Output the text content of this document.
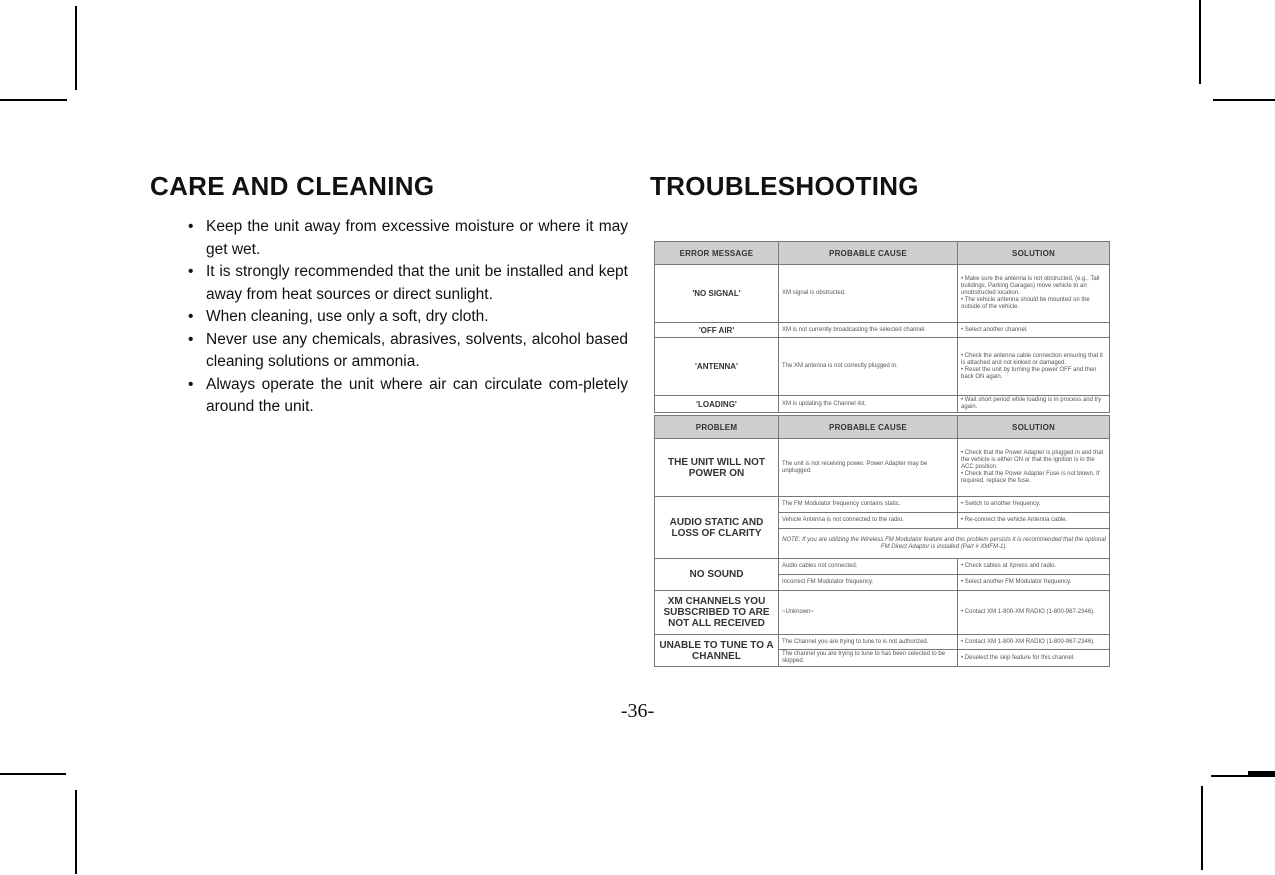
CARE AND CLEANING
• Keep the unit away from excessive moisture or where it may get wet.
• It is strongly recommended that the unit be installed and kept away from heat sources or direct sunlight.
• When cleaning, use only a soft, dry cloth.
• Never use any chemicals, abrasives, solvents, alcohol based cleaning solutions or ammonia.
• Always operate the unit where air can circulate com-pletely around the unit.
TROUBLESHOOTING
ERROR MESSAGE	PROBABLE CAUSE	SOLUTION
'NO SIGNAL'	XM signal is obstructed.	• Make sure the antenna is not obstructed, (e.g., Tall buildings, Parking Garages) move vehicle to an unobstructed location.
• The vehicle antenna should be mounted on the outside of the vehicle.

'OFF AIR'	XM is not currently broadcasting the selected channel.	• Select another channel.

'ANTENNA'	The XM antenna is not correctly plugged in.	• Check the antenna cable connection ensuring that it is attached and not kinked or damaged.
• Reset the unit by turning the power OFF and then back ON again.

'LOADING'	XM is updating the Channel list.	• Wait short period while loading is in process and try again.
PROBLEM	PROBABLE CAUSE	SOLUTION
THE UNIT WILL NOT POWER ON	The unit is not receiving power. Power Adapter may be unplugged.	• Check that the Power Adapter is plugged in and that the vehicle is either ON or that the ignition is in the ACC position.
• Check that the Power Adapter Fuse is not blown. If required, replace the fuse.

AUDIO STATIC AND LOSS OF CLARITY	The FM Modulator frequency contains static.	• Switch to another frequency.
	Vehicle Antenna is not connected to the radio.	• Re-connect the vehicle Antenna cable.
	NOTE: If you are utilizing the Wireless FM Modulator feature and this problem persists it is recommended that the optional FM Direct Adaptor is installed (Part # XMFM-1).	
NO SOUND	Audio cables not connected.	• Check cables at Xpress and radio.
	Incorrect FM Modulator frequency.	• Select another FM Modulator frequency.
XM CHANNELS YOU SUBSCRIBED TO ARE NOT ALL RECEIVED	~Unknown~	• Contact XM 1-800-XM RADIO (1-800-967-2346).
UNABLE TO TUNE TO A CHANNEL	The Channel you are trying to tune to is not authorized.	• Contact XM 1-800-XM RADIO (1-800-967-2346).
	The channel you are trying to tune to has been selected to be skipped.	• Deselect the skip feature for this channel.
-36-
